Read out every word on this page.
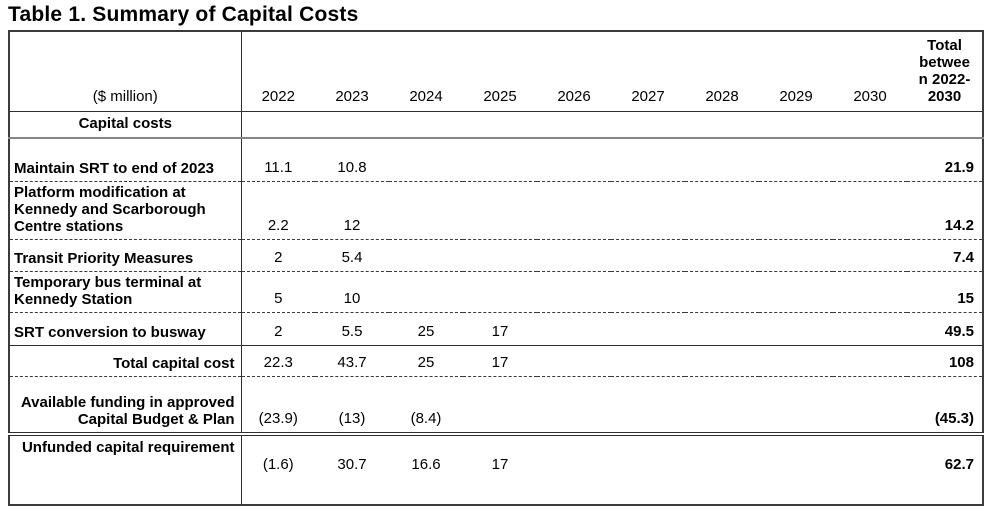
Table 1. Summary of Capital Costs
($ million)	2022	2023	2024	2025	2026	2027	2028	2029	2030	Total between 2022-2030

Capital costs										
Maintain SRT to end of 2023	11.1	10.8								21.9
Platform modification at Kennedy and Scarborough Centre stations	2.2	12								14.2
Transit Priority Measures	2	5.4								7.4
Temporary bus terminal at Kennedy Station	5	10								15
SRT conversion to busway	2	5.5	25	17						49.5
Total capital cost	22.3	43.7	25	17						108
Available funding in approved Capital Budget & Plan	(23.9)	(13)	(8.4)							(45.3)
Unfunded capital requirement	(1.6)	30.7	16.6	17						62.7
